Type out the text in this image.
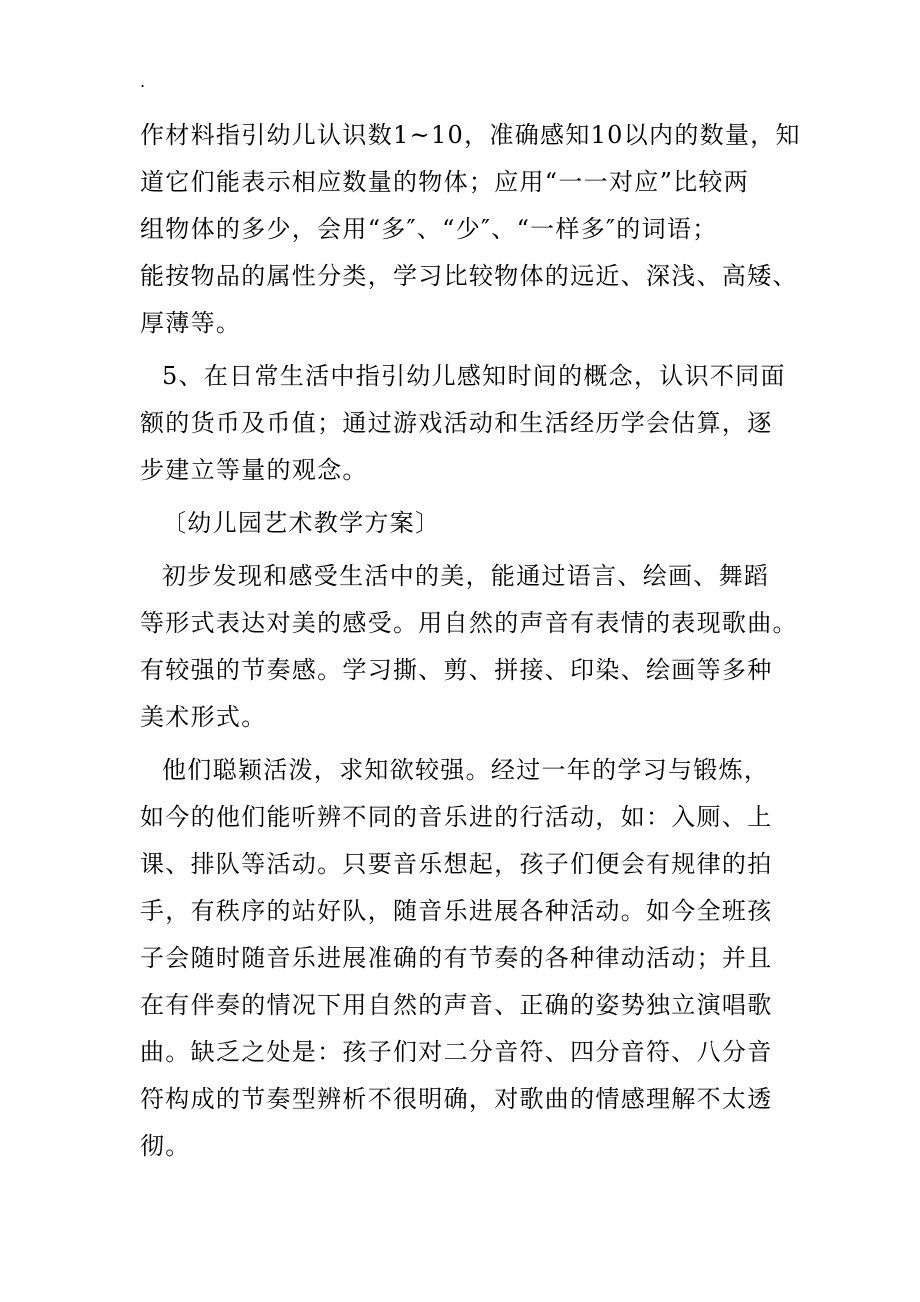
.
作材料指引幼儿认识数1~10，准确感知10以内的数量，知
道它们能表示相应数量的物体；应用“一一对应”比较两
组物体的多少，会用“多″、“少″、“一样多″的词语；
能按物品的属性分类，学习比较物体的远近、深浅、高矮、
厚薄等。
5、在日常生活中指引幼儿感知时间的概念，认识不同面
额的货币及币值；通过游戏活动和生活经历学会估算，逐
步建立等量的观念。
〔幼儿园艺术教学方案〕
初步发现和感受生活中的美，能通过语言、绘画、舞蹈
等形式表达对美的感受。用自然的声音有表情的表现歌曲。
有较强的节奏感。学习撕、剪、拼接、印染、绘画等多种
美术形式。
他们聪颖活泼，求知欲较强。经过一年的学习与锻炼，
如今的他们能听辨不同的音乐进的行活动，如：入厕、上
课、排队等活动。只要音乐想起，孩子们便会有规律的拍
手，有秩序的站好队，随音乐进展各种活动。如今全班孩
子会随时随音乐进展准确的有节奏的各种律动活动；并且
在有伴奏的情况下用自然的声音、正确的姿势独立演唱歌
曲。缺乏之处是：孩子们对二分音符、四分音符、八分音
符构成的节奏型辨析不很明确，对歌曲的情感理解不太透
彻。
